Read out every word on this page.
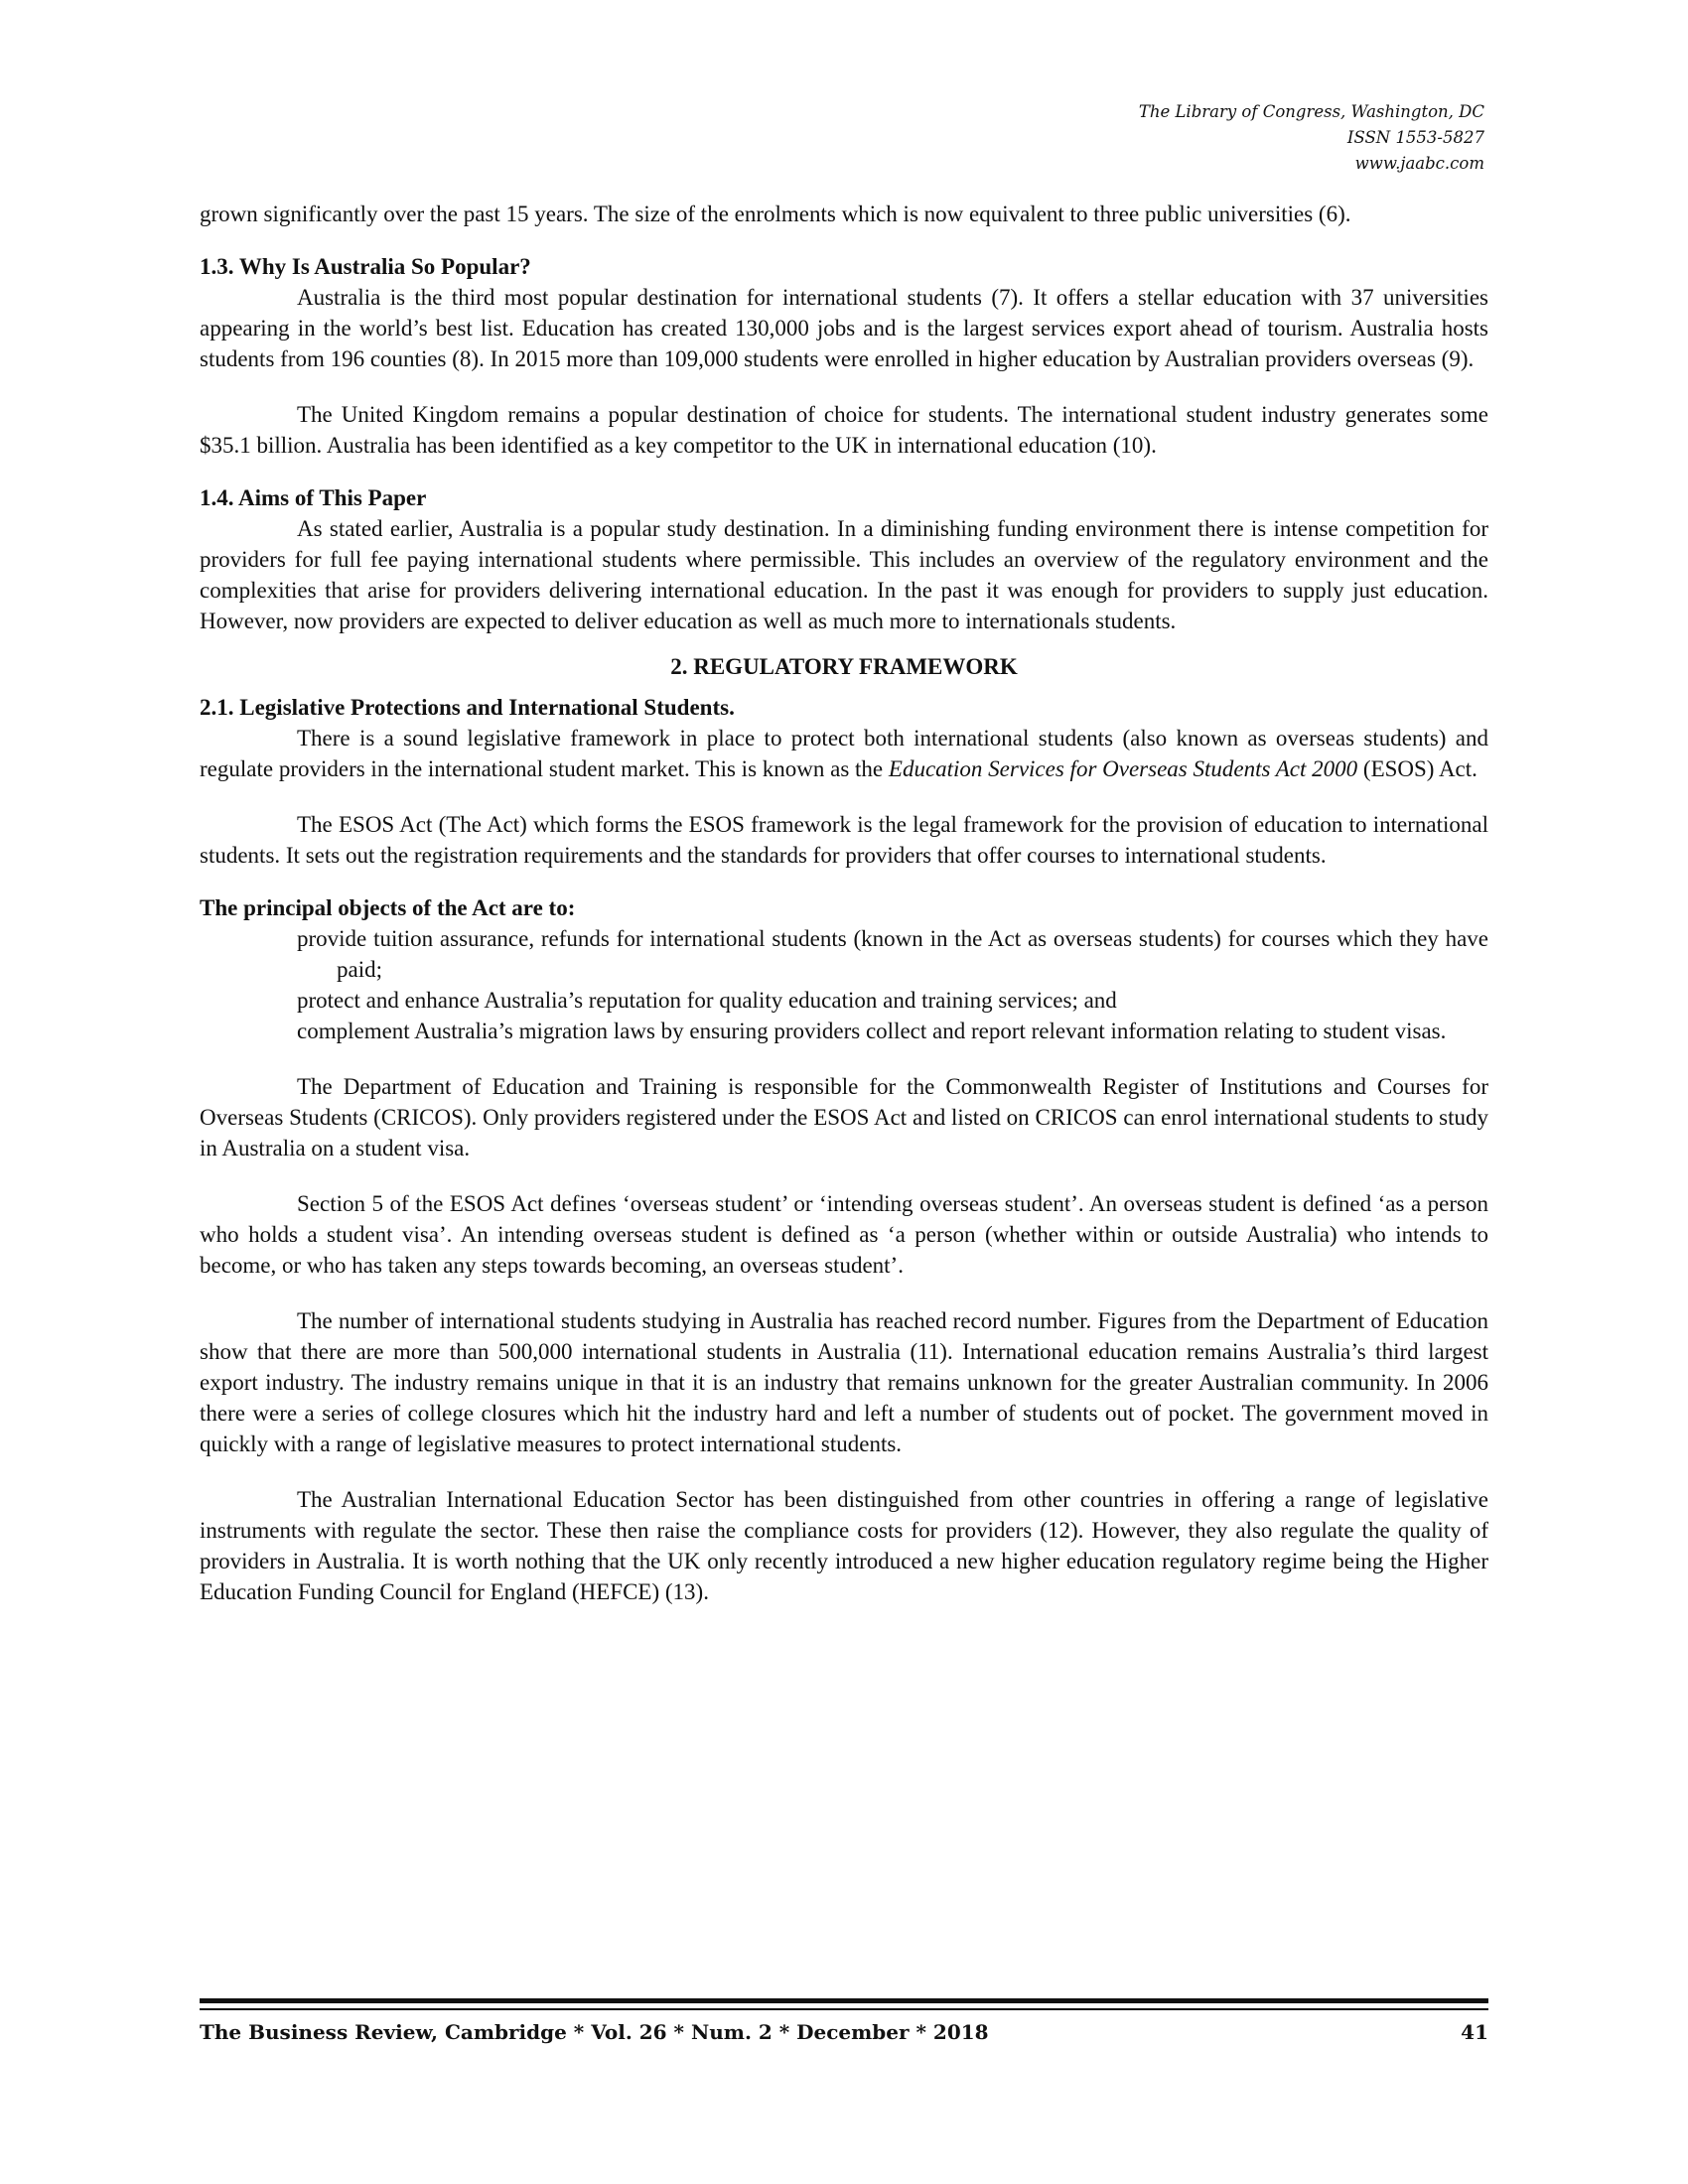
The Library of Congress, Washington, DC
ISSN 1553-5827
www.jaabc.com

grown significantly over the past 15 years. The size of the enrolments which is now equivalent to three public universities (6).

1.3. Why Is Australia So Popular?

Australia is the third most popular destination for international students (7). It offers a stellar education with 37 universities appearing in the world’s best list. Education has created 130,000 jobs and is the largest services export ahead of tourism. Australia hosts students from 196 counties (8). In 2015 more than 109,000 students were enrolled in higher education by Australian providers overseas (9).

The United Kingdom remains a popular destination of choice for students. The international student industry generates some $35.1 billion. Australia has been identified as a key competitor to the UK in international education (10).

1.4. Aims of This Paper

As stated earlier, Australia is a popular study destination. In a diminishing funding environment there is intense competition for providers for full fee paying international students where permissible. This includes an overview of the regulatory environment and the complexities that arise for providers delivering international education. In the past it was enough for providers to supply just education. However, now providers are expected to deliver education as well as much more to internationals students.

2. REGULATORY FRAMEWORK
2.1. Legislative Protections and International Students.

There is a sound legislative framework in place to protect both international students (also known as overseas students) and regulate providers in the international student market. This is known as the Education Services for Overseas Students Act 2000 (ESOS) Act.

The ESOS Act (The Act) which forms the ESOS framework is the legal framework for the provision of education to international students. It sets out the registration requirements and the standards for providers that offer courses to international students.

The principal objects of the Act are to:
provide tuition assurance, refunds for international students (known in the Act as overseas students) for courses which they have paid;
protect and enhance Australia’s reputation for quality education and training services; and
complement Australia’s migration laws by ensuring providers collect and report relevant information relating to student visas.

The Department of Education and Training is responsible for the Commonwealth Register of Institutions and Courses for Overseas Students (CRICOS). Only providers registered under the ESOS Act and listed on CRICOS can enrol international students to study in Australia on a student visa.

Section 5 of the ESOS Act defines ‘overseas student’ or ‘intending overseas student’. An overseas student is defined ‘as a person who holds a student visa’. An intending overseas student is defined as ‘a person (whether within or outside Australia) who intends to become, or who has taken any steps towards becoming, an overseas student’.

The number of international students studying in Australia has reached record number. Figures from the Department of Education show that there are more than 500,000 international students in Australia (11). International education remains Australia’s third largest export industry. The industry remains unique in that it is an industry that remains unknown for the greater Australian community. In 2006 there were a series of college closures which hit the industry hard and left a number of students out of pocket. The government moved in quickly with a range of legislative measures to protect international students.

The Australian International Education Sector has been distinguished from other countries in offering a range of legislative instruments with regulate the sector. These then raise the compliance costs for providers (12). However, they also regulate the quality of providers in Australia. It is worth nothing that the UK only recently introduced a new higher education regulatory regime being the Higher Education Funding Council for England (HEFCE) (13).

The Business Review, Cambridge * Vol. 26 * Num. 2 * December * 2018	41
